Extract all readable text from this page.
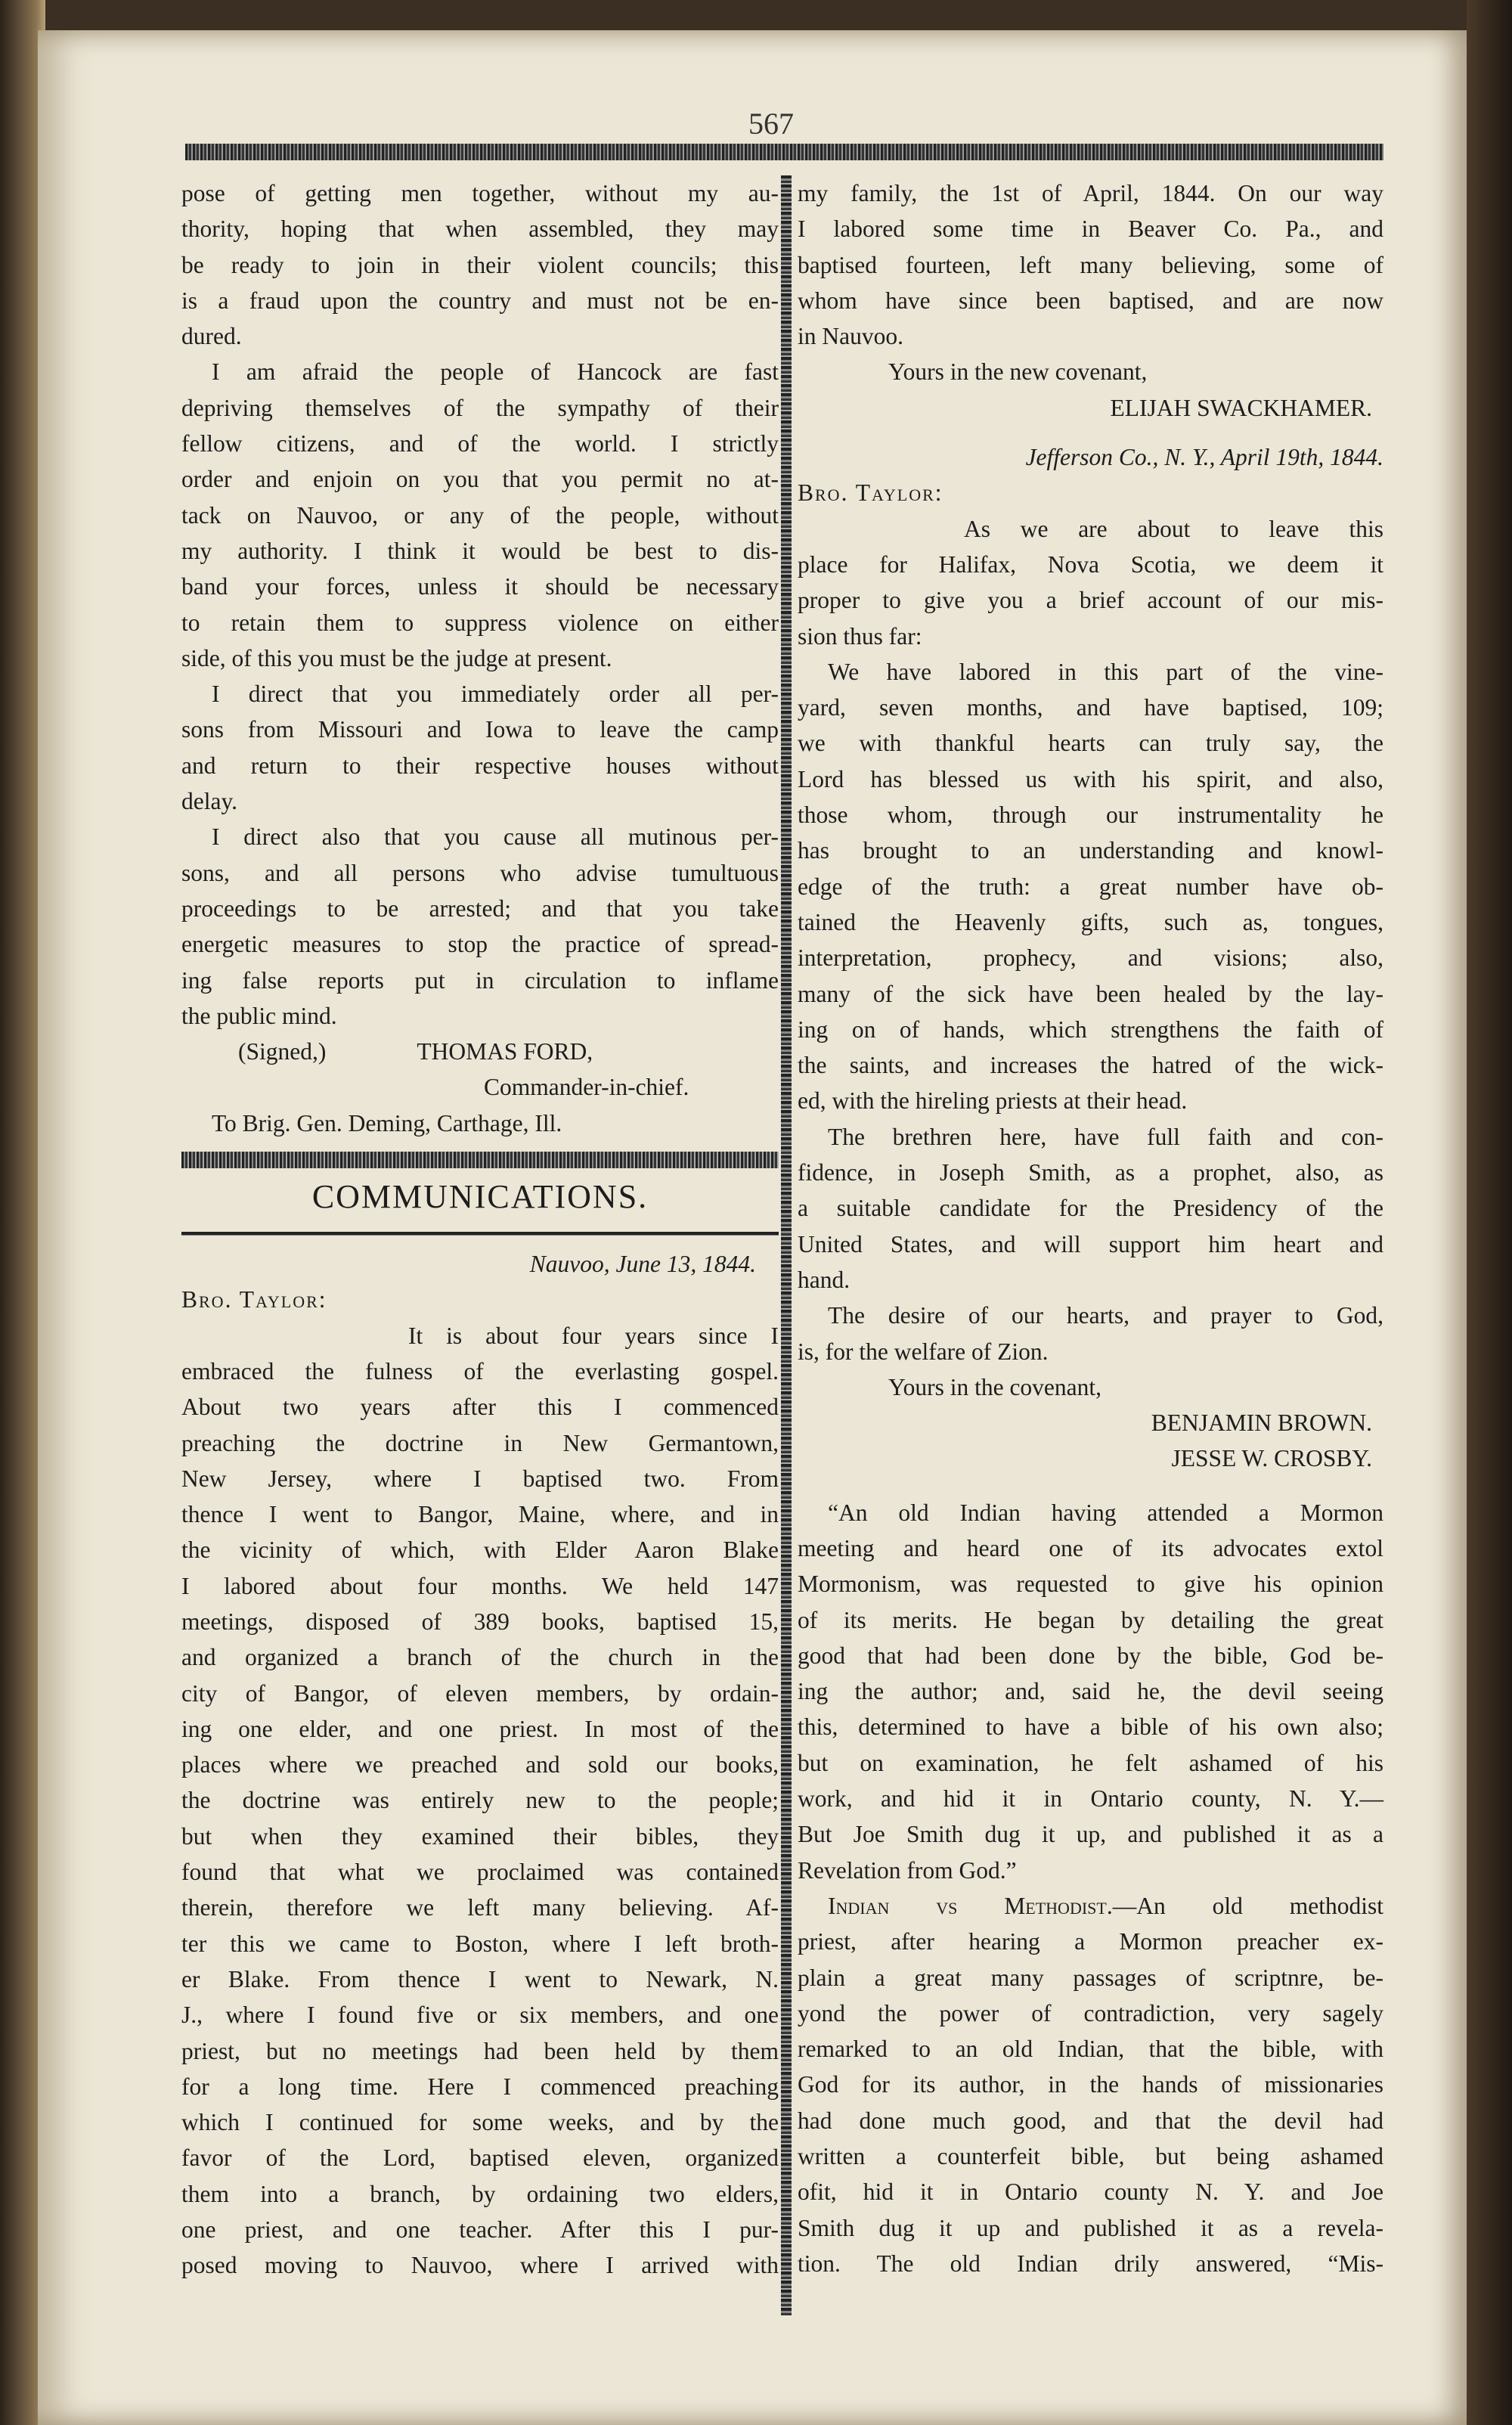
567
pose of getting men together, without my au-
thority, hoping that when assembled, they may
be ready to join in their violent councils; this
is a fraud upon the country and must not be en-
dured.
I am afraid the people of Hancock are fast
depriving themselves of the sympathy of their
fellow citizens, and of the world. I strictly
order and enjoin on you that you permit no at-
tack on Nauvoo, or any of the people, without
my authority. I think it would be best to dis-
band your forces, unless it should be necessary
to retain them to suppress violence on either
side, of this you must be the judge at present.
I direct that you immediately order all per-
sons from Missouri and Iowa to leave the camp
and return to their respective houses without
delay.
I direct also that you cause all mutinous per-
sons, and all persons who advise tumultuous
proceedings to be arrested; and that you take
energetic measures to stop the practice of spread-
ing false reports put in circulation to inflame
the public mind.
(Signed,)	THOMAS FORD,
Commander-in-chief.
To Brig. Gen. Deming, Carthage, Ill.
COMMUNICATIONS.
Nauvoo, June 13, 1844.
Bro. Taylor:
It is about four years since I
embraced the fulness of the everlasting gospel.
About two years after this I commenced
preaching the doctrine in New Germantown,
New Jersey, where I baptised two. From
thence I went to Bangor, Maine, where, and in
the vicinity of which, with Elder Aaron Blake
I labored about four months. We held 147
meetings, disposed of 389 books, baptised 15,
and organized a branch of the church in the
city of Bangor, of eleven members, by ordain-
ing one elder, and one priest. In most of the
places where we preached and sold our books,
the doctrine was entirely new to the people;
but when they examined their bibles, they
found that what we proclaimed was contained
therein, therefore we left many believing. Af-
ter this we came to Boston, where I left broth-
er Blake. From thence I went to Newark, N.
J., where I found five or six members, and one
priest, but no meetings had been held by them
for a long time. Here I commenced preaching
which I continued for some weeks, and by the
favor of the Lord, baptised eleven, organized
them into a branch, by ordaining two elders,
one priest, and one teacher. After this I pur-
posed moving to Nauvoo, where I arrived with
my family, the 1st of April, 1844. On our way
I labored some time in Beaver Co. Pa., and
baptised fourteen, left many believing, some of
whom have since been baptised, and are now
in Nauvoo.
Yours in the new covenant,
ELIJAH SWACKHAMER.
Jefferson Co., N. Y., April 19th, 1844.
Bro. Taylor:
As we are about to leave this
place for Halifax, Nova Scotia, we deem it
proper to give you a brief account of our mis-
sion thus far:
We have labored in this part of the vine-
yard, seven months, and have baptised, 109;
we with thankful hearts can truly say, the
Lord has blessed us with his spirit, and also,
those whom, through our instrumentality he
has brought to an understanding and knowl-
edge of the truth: a great number have ob-
tained the Heavenly gifts, such as, tongues,
interpretation, prophecy, and visions; also,
many of the sick have been healed by the lay-
ing on of hands, which strengthens the faith of
the saints, and increases the hatred of the wick-
ed, with the hireling priests at their head.
The brethren here, have full faith and con-
fidence, in Joseph Smith, as a prophet, also, as
a suitable candidate for the Presidency of the
United States, and will support him heart and
hand.
The desire of our hearts, and prayer to God,
is, for the welfare of Zion.
Yours in the covenant,
BENJAMIN BROWN.
JESSE W. CROSBY.
“An old Indian having attended a Mormon
meeting and heard one of its advocates extol
Mormonism, was requested to give his opinion
of its merits. He began by detailing the great
good that had been done by the bible, God be-
ing the author; and, said he, the devil seeing
this, determined to have a bible of his own also;
but on examination, he felt ashamed of his
work, and hid it in Ontario county, N. Y.—
But Joe Smith dug it up, and published it as a
Revelation from God.”
Indian vs Methodist.—An old methodist
priest, after hearing a Mormon preacher ex-
plain a great many passages of scriptnre, be-
yond the power of contradiction, very sagely
remarked to an old Indian, that the bible, with
God for its author, in the hands of missionaries
had done much good, and that the devil had
written a counterfeit bible, but being ashamed
ofit, hid it in Ontario county N. Y. and Joe
Smith dug it up and published it as a revela-
tion. The old Indian drily answered, “Mis-
